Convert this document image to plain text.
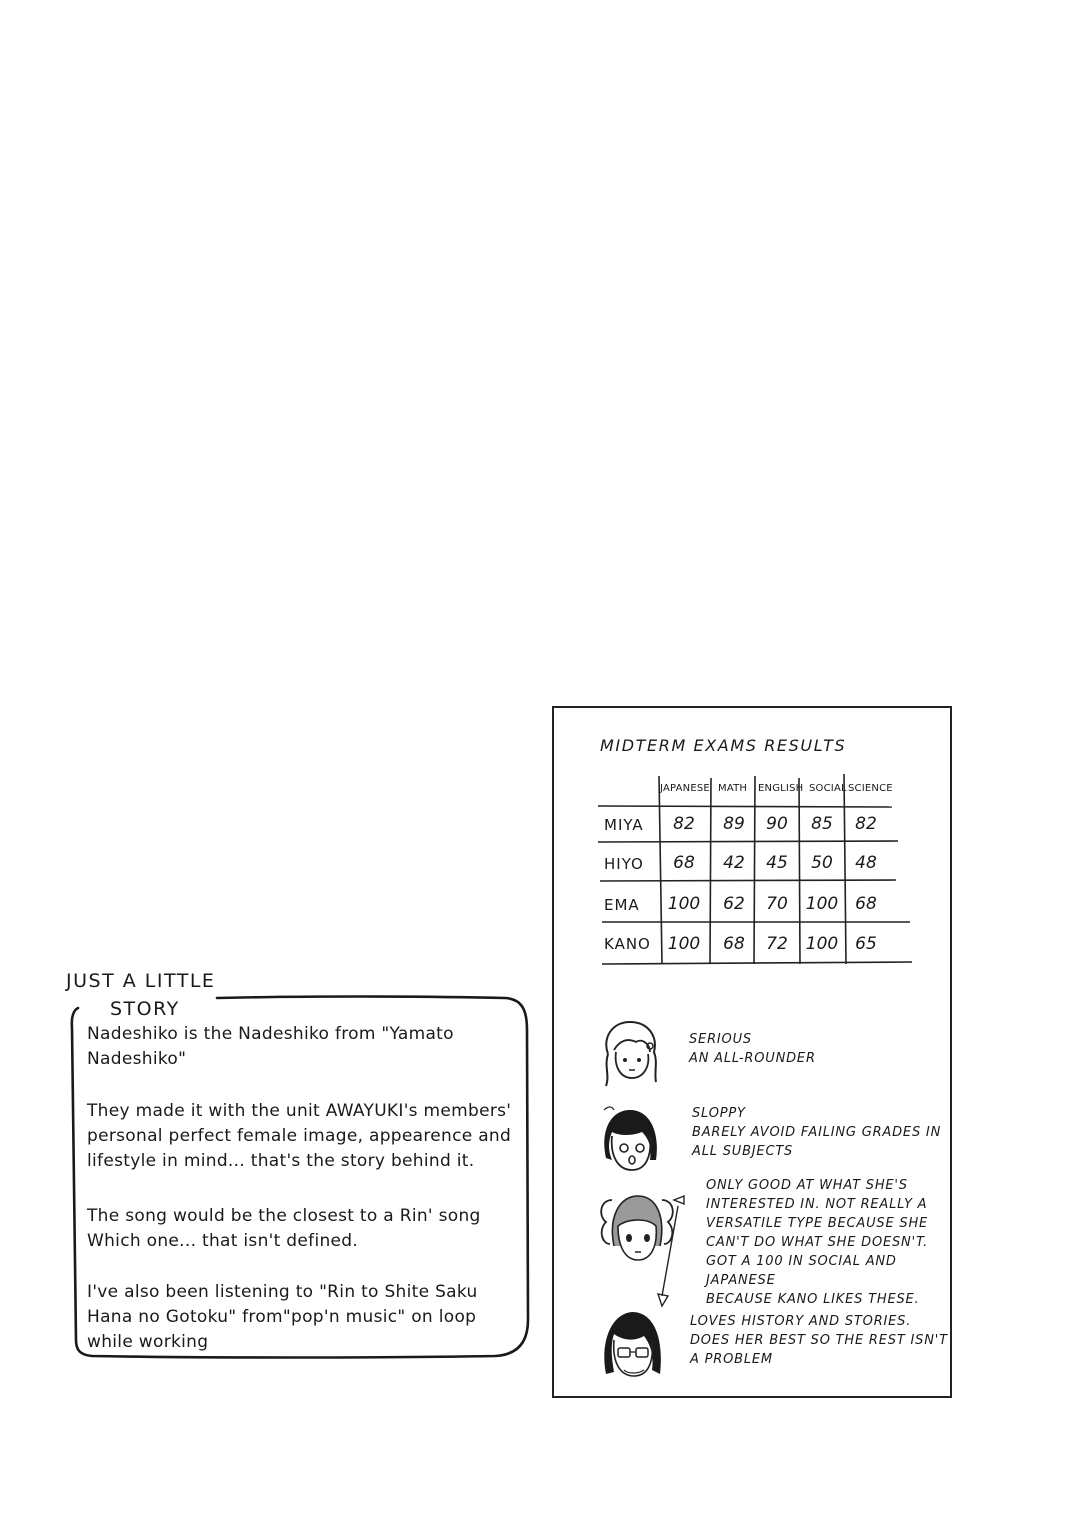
JUST A LITTLE
STORY

Nadeshiko is the Nadeshiko from "Yamato
Nadeshiko"

They made it with the unit AWAYUKI's members'
personal perfect female image, appearence and
lifestyle in mind... that's the story behind it.

The song would be the closest to a Rin' song
Which one... that isn't defined.

I've also been listening to "Rin to Shite Saku
Hana no Gotoku" from"pop'n music" on loop
while working

MIDTERM EXAMS RESULTS
JAPANESE MATH ENGLISH SOCIAL SCIENCE
MIYA	82	89	90	85	82
HIYO	68	42	45	50	48
EMA 100	62	70	100 68
KANO 100	68	72	100 65
SERIOUS
AN ALL-ROUNDER
SLOPPY
BARELY AVOID FAILING GRADES IN
ALL SUBJECTS
ONLY GOOD AT WHAT SHE'S
INTERESTED IN. NOT REALLY A
VERSATILE TYPE BECAUSE SHE
CAN'T DO WHAT SHE DOESN'T.
GOT A 100 IN SOCIAL AND JAPANESE
BECAUSE KANO LIKES THESE.
LOVES HISTORY AND STORIES.
DOES HER BEST SO THE REST ISN'T
A PROBLEM
